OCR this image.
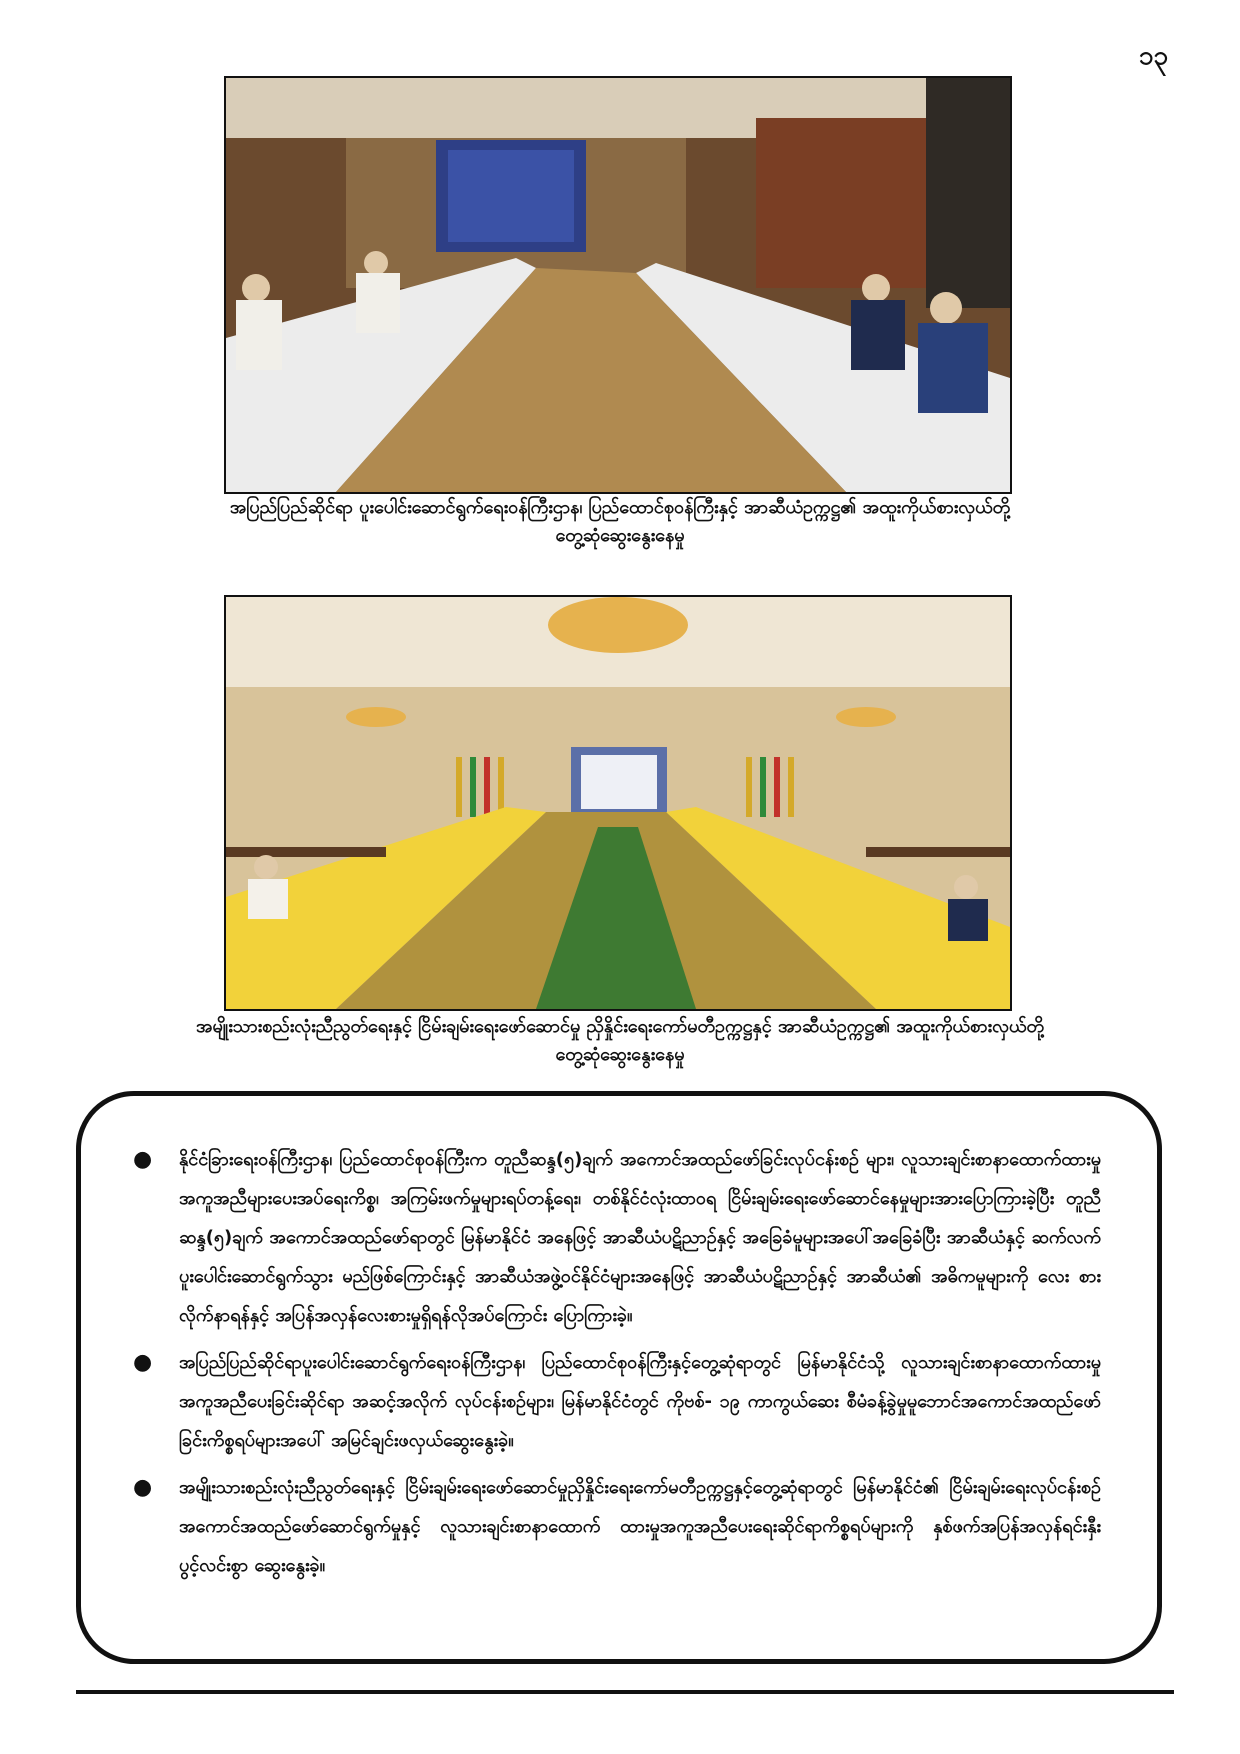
၁၃
အပြည်ပြည်ဆိုင်ရာ ပူးပေါင်းဆောင်ရွက်ရေးဝန်ကြီးဌာန၊ ပြည်ထောင်စုဝန်ကြီးနှင့် အာဆီယံဥက္ကဋ္ဌ၏ အထူးကိုယ်စားလှယ်တို့
တွေ့ဆုံဆွေးနွေးနေမှု
အမျိုးသားစည်းလုံးညီညွတ်ရေးနှင့် ငြိမ်းချမ်းရေးဖော်ဆောင်မှု ညှိနှိုင်းရေးကော်မတီဥက္ကဋ္ဌနှင့် အာဆီယံဥက္ကဋ္ဌ၏ အထူးကိုယ်စားလှယ်တို့
တွေ့ဆုံဆွေးနွေးနေမှု
● နိုင်ငံခြားရေးဝန်ကြီးဌာန၊ ပြည်ထောင်စုဝန်ကြီးက တူညီဆန္ဒ(၅)ချက် အကောင်အထည်ဖော်ခြင်းလုပ်ငန်းစဉ် များ၊ လူသားချင်းစာနာထောက်ထားမှုအကူအညီများပေးအပ်ရေးကိစ္စ၊ အကြမ်းဖက်မှုများရပ်တန့်ရေး၊ တစ်နိုင်ငံလုံးထာဝရ ငြိမ်းချမ်းရေးဖော်ဆောင်နေမှုများအားပြောကြားခဲ့ပြီး တူညီဆန္ဒ(၅)ချက် အကောင်အထည်ဖော်ရာတွင် မြန်မာနိုင်ငံ အနေဖြင့် အာဆီယံပဋိညာဉ်နှင့် အခြေခံမူများအပေါ်အခြေခံပြီး အာဆီယံနှင့် ဆက်လက်ပူးပေါင်းဆောင်ရွက်သွား မည်ဖြစ်ကြောင်းနှင့် အာဆီယံအဖွဲ့ဝင်နိုင်ငံများအနေဖြင့် အာဆီယံပဋိညာဉ်နှင့် အာဆီယံ၏ အဓိကမူများကို လေး စားလိုက်နာရန်နှင့် အပြန်အလှန်လေးစားမှုရှိရန်လိုအပ်ကြောင်း ပြောကြားခဲ့။
● အပြည်ပြည်ဆိုင်ရာပူးပေါင်းဆောင်ရွက်ရေးဝန်ကြီးဌာန၊ ပြည်ထောင်စုဝန်ကြီးနှင့်တွေ့ဆုံရာတွင် မြန်မာနိုင်ငံသို့ လူသားချင်းစာနာထောက်ထားမှုအကူအညီပေးခြင်းဆိုင်ရာ အဆင့်အလိုက် လုပ်ငန်းစဉ်များ၊ မြန်မာနိုင်ငံတွင် ကိုဗစ်- ၁၉ ကာကွယ်ဆေး စီမံခန့်ခွဲမှုမူဘောင်အကောင်အထည်ဖော်ခြင်းကိစ္စရပ်များအပေါ် အမြင်ချင်းဖလှယ်ဆွေးနွေးခဲ့။
● အမျိုးသားစည်းလုံးညီညွတ်ရေးနှင့် ငြိမ်းချမ်းရေးဖော်ဆောင်မှုညှိနှိုင်းရေးကော်မတီဥက္ကဋ္ဌနှင့်တွေ့ဆုံရာတွင် မြန်မာနိုင်ငံ၏ ငြိမ်းချမ်းရေးလုပ်ငန်းစဉ် အကောင်အထည်ဖော်ဆောင်ရွက်မှုနှင့် လူသားချင်းစာနာထောက် ထားမှုအကူအညီပေးရေးဆိုင်ရာကိစ္စရပ်များကို နှစ်ဖက်အပြန်အလှန်ရင်းနှီးပွင့်လင်းစွာ ဆွေးနွေးခဲ့။
